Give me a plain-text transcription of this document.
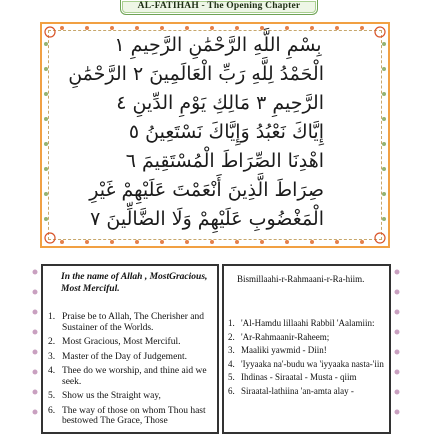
AL-FATIHAH - The Opening Chapter
بِسْمِ اللَّهِ الرَّحْمَٰنِ الرَّحِيمِ ١
الْحَمْدُ لِلَّهِ رَبِّ الْعَالَمِينَ ٢ الرَّحْمَٰنِ
الرَّحِيمِ ٣ مَالِكِ يَوْمِ الدِّينِ ٤
إِيَّاكَ نَعْبُدُ وَإِيَّاكَ نَسْتَعِينُ ٥
اهْدِنَا الصِّرَاطَ الْمُسْتَقِيمَ ٦
صِرَاطَ الَّذِينَ أَنْعَمْتَ عَلَيْهِمْ غَيْرِ
الْمَغْضُوبِ عَلَيْهِمْ وَلَا الضَّالِّينَ ٧
In the name of Allah , MostGracious, Most Merciful.
1. Praise be to Allah, The Cherisher and Sustainer of the Worlds.
2. Most Gracious, Most Merciful.
3. Master of the Day of Judgement.
4. Thee do we worship, and thine aid we seek.
5. Show us the Straight way,
6. The way of those on whom Thou hast bestowed The Grace, Those
Bismillaahi-r-Rahmaani-r-Ra-hiim.
1. 'Al-Hamdu lillaahi Rabbil 'Aalamiin:
2. 'Ar-Rahmaanir-Raheem;
3. Maaliki yawmid - Diin!
4. 'Iyyaaka na'-budu wa 'iyyaaka nasta-'iin
5. Ihdinas - Siraatal - Musta - qiim
6. Siraatal-lathiina 'an-amta alay -
